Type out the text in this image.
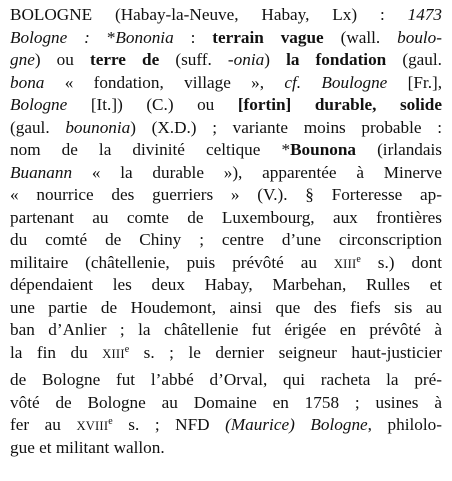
BOLOGNE (Habay-la-Neuve, Habay, Lx) : 1473
Bologne : *Bononia : terrain vague (wall. boulo-
gne) ou terre de (suff. -onia) la fondation (gaul.
bona « fondation, village », cf. Boulogne [Fr.],
Bologne [It.]) (C.) ou [fortin] durable, solide
(gaul. bounonia) (X.D.) ; variante moins probable :
nom de la divinité celtique *Bounona (irlandais
Buanann « la durable »), apparentée à Minerve
« nourrice des guerriers » (V.). § Forteresse ap-
partenant au comte de Luxembourg, aux frontières
du comté de Chiny ; centre d’une circonscription
militaire (châtellenie, puis prévôté au XIIIe s.) dont
dépendaient les deux Habay, Marbehan, Rulles et
une partie de Houdemont, ainsi que des fiefs sis au
ban d’Anlier ; la châtellenie fut érigée en prévôté à
la fin du XIIIe s. ; le dernier seigneur haut-justicier
de Bologne fut l’abbé d’Orval, qui racheta la pré-
vôté de Bologne au Domaine en 1758 ; usines à
fer au XVIIIe s. ; NFD (Maurice) Bologne, philolo-
gue et militant wallon.
